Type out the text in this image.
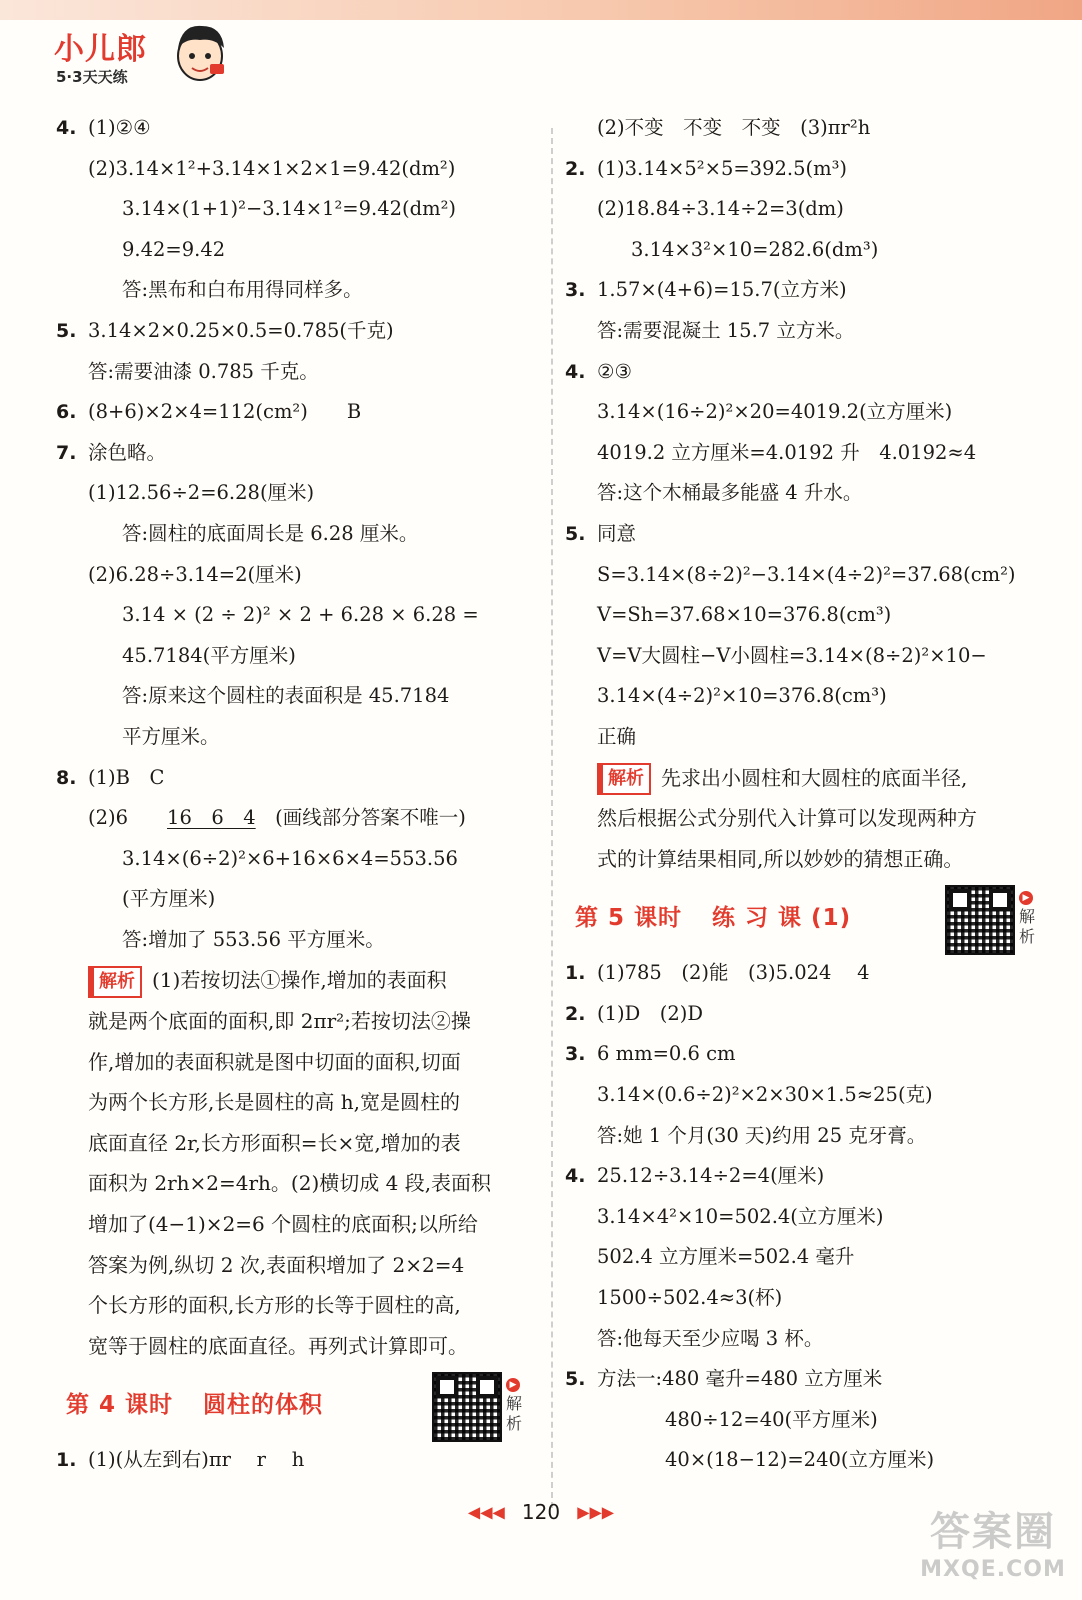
小儿郎
5·3天天练
4. (1)②④
(2)3.14×1²+3.14×1×2×1=9.42(dm²)
3.14×(1+1)²−3.14×1²=9.42(dm²)
9.42=9.42
答:黑布和白布用得同样多。
5. 3.14×2×0.25×0.5=0.785(千克)
答:需要油漆 0.785 千克。
6. (8+6)×2×4=112(cm²)　　B
7. 涂色略。
(1)12.56÷2=6.28(厘米)
答:圆柱的底面周长是 6.28 厘米。
(2)6.28÷3.14=2(厘米)
3.14 × (2 ÷ 2)² × 2 + 6.28 × 6.28 =
45.7184(平方厘米)
答:原来这个圆柱的表面积是 45.7184
平方厘米。
8. (1)B　C
(2)6　　16　6　4　(画线部分答案不唯一)
3.14×(6÷2)²×6+16×6×4=553.56
(平方厘米)
答:增加了 553.56 平方厘米。
解析 (1)若按切法①操作,增加的表面积
就是两个底面的面积,即 2πr²;若按切法②操
作,增加的表面积就是图中切面的面积,切面
为两个长方形,长是圆柱的高 h,宽是圆柱的
底面直径 2r,长方形面积=长×宽,增加的表
面积为 2rh×2=4rh。(2)横切成 4 段,表面积
增加了(4−1)×2=6 个圆柱的底面积;以所给
答案为例,纵切 2 次,表面积增加了 2×2=4
个长方形的面积,长方形的长等于圆柱的高,
宽等于圆柱的底面直径。再列式计算即可。
第 4 课时 圆柱的体积
▶
解析
1. (1)(从左到右)πr　 r　 h
(2)不变　不变　不变　(3)πr²h
2. (1)3.14×5²×5=392.5(m³)
(2)18.84÷3.14÷2=3(dm)
3.14×3²×10=282.6(dm³)
3. 1.57×(4+6)=15.7(立方米)
答:需要混凝土 15.7 立方米。
4. ②③
3.14×(16÷2)²×20=4019.2(立方厘米)
4019.2 立方厘米=4.0192 升　4.0192≈4
答:这个木桶最多能盛 4 升水。
5. 同意
S=3.14×(8÷2)²−3.14×(4÷2)²=37.68(cm²)
V=Sh=37.68×10=376.8(cm³)
V=V大圆柱−V小圆柱=3.14×(8÷2)²×10−
3.14×(4÷2)²×10=376.8(cm³)
正确
解析 先求出小圆柱和大圆柱的底面半径,
然后根据公式分别代入计算可以发现两种方
式的计算结果相同,所以妙妙的猜想正确。
第 5 课时 练 习 课 (1)
▶
解析
1. (1)785　(2)能　(3)5.024　 4
2. (1)D　(2)D
3. 6 mm=0.6 cm
3.14×(0.6÷2)²×2×30×1.5≈25(克)
答:她 1 个月(30 天)约用 25 克牙膏。
4. 25.12÷3.14÷2=4(厘米)
3.14×4²×10=502.4(立方厘米)
502.4 立方厘米=502.4 毫升
1500÷502.4≈3(杯)
答:他每天至少应喝 3 杯。
5. 方法一:480 毫升=480 立方厘米
480÷12=40(平方厘米)
40×(18−12)=240(立方厘米)
◀◀◀ 120 ▶▶▶	答案圈
MXQE.COM
